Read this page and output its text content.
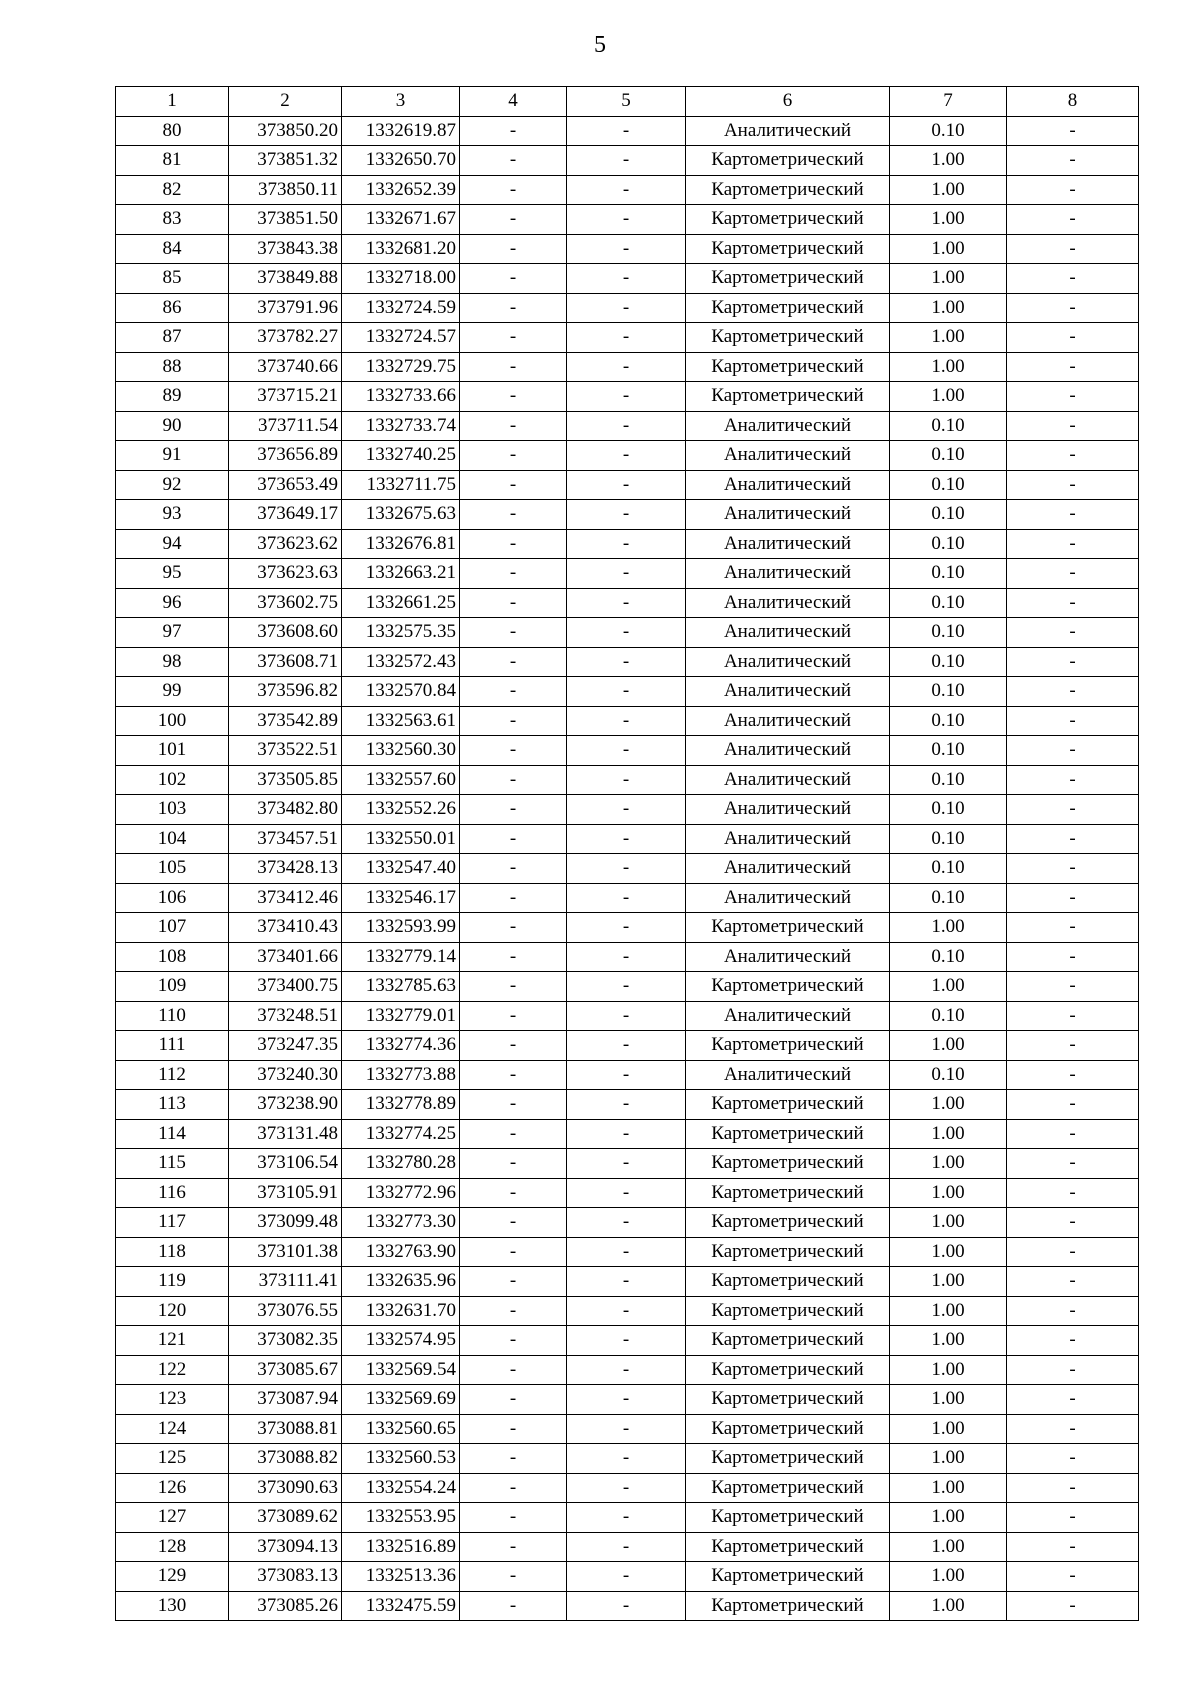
5
1	2	3	4	5	6	7	8
80	373850.20	1332619.87	-	-	Аналитический	0.10	-
81	373851.32	1332650.70	-	-	Картометрический	1.00	-
82	373850.11	1332652.39	-	-	Картометрический	1.00	-
83	373851.50	1332671.67	-	-	Картометрический	1.00	-
84	373843.38	1332681.20	-	-	Картометрический	1.00	-
85	373849.88	1332718.00	-	-	Картометрический	1.00	-
86	373791.96	1332724.59	-	-	Картометрический	1.00	-
87	373782.27	1332724.57	-	-	Картометрический	1.00	-
88	373740.66	1332729.75	-	-	Картометрический	1.00	-
89	373715.21	1332733.66	-	-	Картометрический	1.00	-
90	373711.54	1332733.74	-	-	Аналитический	0.10	-
91	373656.89	1332740.25	-	-	Аналитический	0.10	-
92	373653.49	1332711.75	-	-	Аналитический	0.10	-
93	373649.17	1332675.63	-	-	Аналитический	0.10	-
94	373623.62	1332676.81	-	-	Аналитический	0.10	-
95	373623.63	1332663.21	-	-	Аналитический	0.10	-
96	373602.75	1332661.25	-	-	Аналитический	0.10	-
97	373608.60	1332575.35	-	-	Аналитический	0.10	-
98	373608.71	1332572.43	-	-	Аналитический	0.10	-
99	373596.82	1332570.84	-	-	Аналитический	0.10	-
100	373542.89	1332563.61	-	-	Аналитический	0.10	-
101	373522.51	1332560.30	-	-	Аналитический	0.10	-
102	373505.85	1332557.60	-	-	Аналитический	0.10	-
103	373482.80	1332552.26	-	-	Аналитический	0.10	-
104	373457.51	1332550.01	-	-	Аналитический	0.10	-
105	373428.13	1332547.40	-	-	Аналитический	0.10	-
106	373412.46	1332546.17	-	-	Аналитический	0.10	-
107	373410.43	1332593.99	-	-	Картометрический	1.00	-
108	373401.66	1332779.14	-	-	Аналитический	0.10	-
109	373400.75	1332785.63	-	-	Картометрический	1.00	-
110	373248.51	1332779.01	-	-	Аналитический	0.10	-
111	373247.35	1332774.36	-	-	Картометрический	1.00	-
112	373240.30	1332773.88	-	-	Аналитический	0.10	-
113	373238.90	1332778.89	-	-	Картометрический	1.00	-
114	373131.48	1332774.25	-	-	Картометрический	1.00	-
115	373106.54	1332780.28	-	-	Картометрический	1.00	-
116	373105.91	1332772.96	-	-	Картометрический	1.00	-
117	373099.48	1332773.30	-	-	Картометрический	1.00	-
118	373101.38	1332763.90	-	-	Картометрический	1.00	-
119	373111.41	1332635.96	-	-	Картометрический	1.00	-
120	373076.55	1332631.70	-	-	Картометрический	1.00	-
121	373082.35	1332574.95	-	-	Картометрический	1.00	-
122	373085.67	1332569.54	-	-	Картометрический	1.00	-
123	373087.94	1332569.69	-	-	Картометрический	1.00	-
124	373088.81	1332560.65	-	-	Картометрический	1.00	-
125	373088.82	1332560.53	-	-	Картометрический	1.00	-
126	373090.63	1332554.24	-	-	Картометрический	1.00	-
127	373089.62	1332553.95	-	-	Картометрический	1.00	-
128	373094.13	1332516.89	-	-	Картометрический	1.00	-
129	373083.13	1332513.36	-	-	Картометрический	1.00	-
130	373085.26	1332475.59	-	-	Картометрический	1.00	-
